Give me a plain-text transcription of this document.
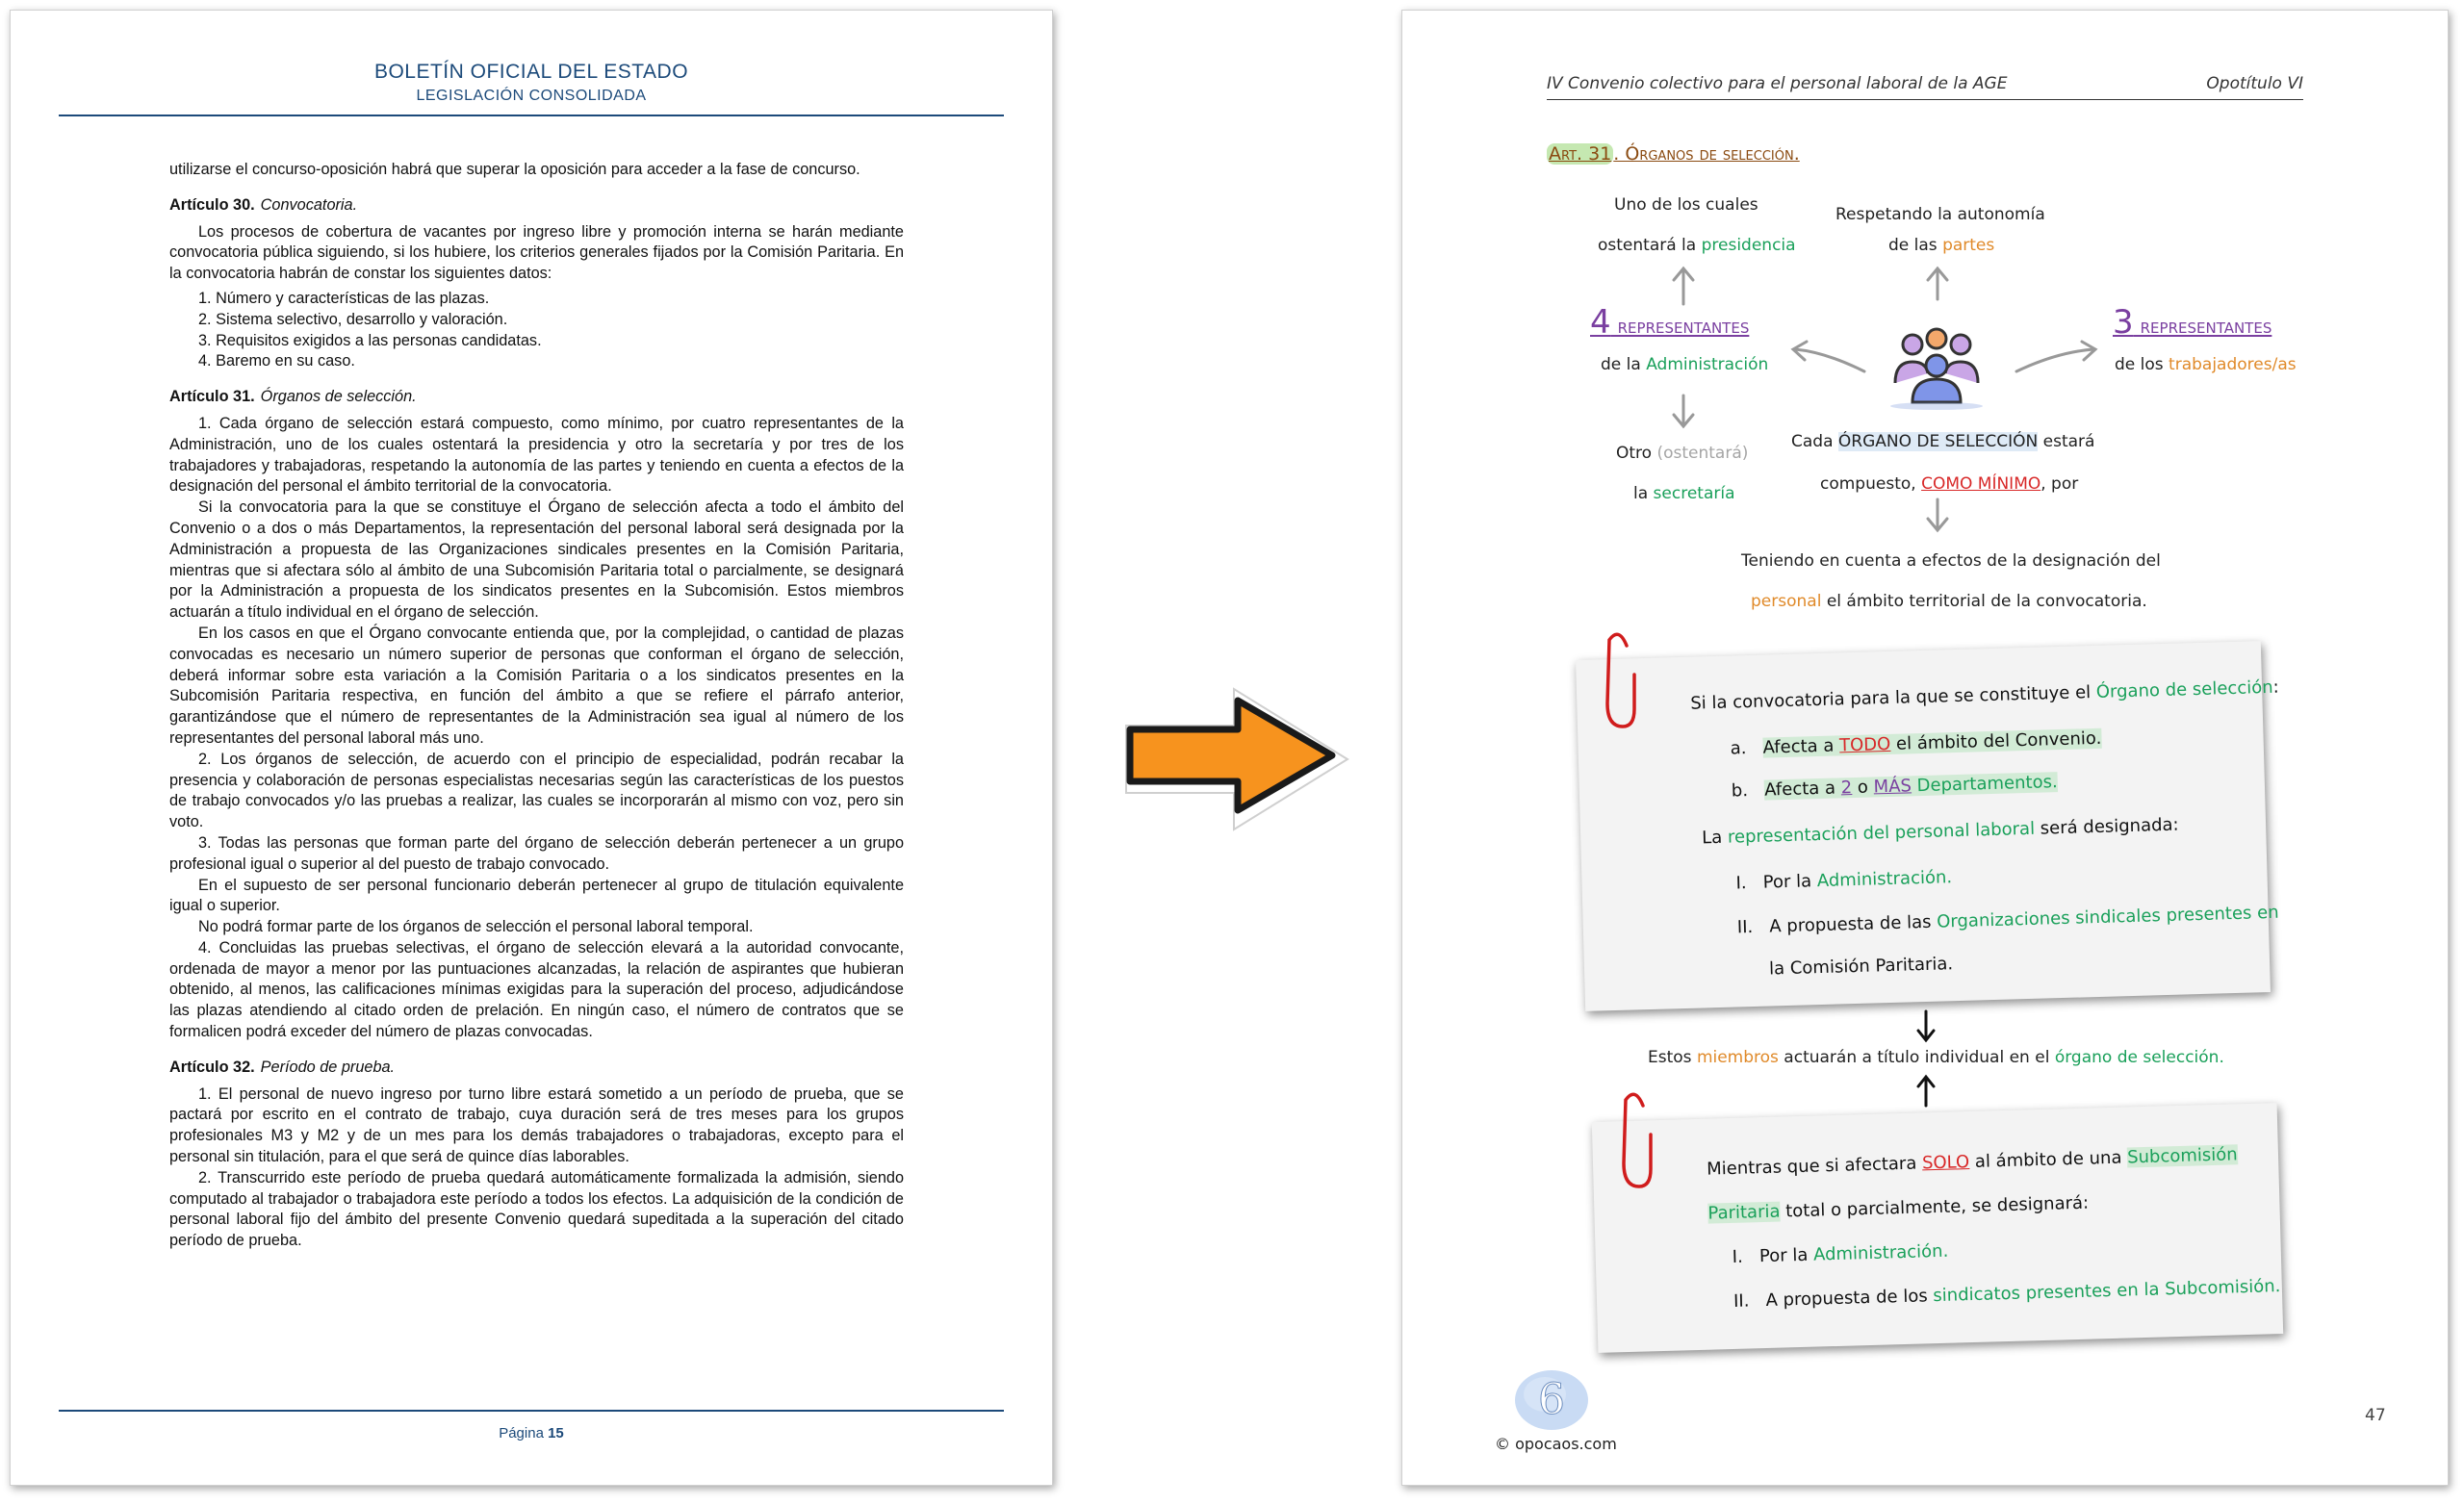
BOLETÍN OFICIAL DEL ESTADO
LEGISLACIÓN CONSOLIDADA

utilizarse el concurso-oposición habrá que superar la oposición para acceder a la fase de concurso.

Artículo 30. Convocatoria.

Los procesos de cobertura de vacantes por ingreso libre y promoción interna se harán mediante convocatoria pública siguiendo, si los hubiere, los criterios generales fijados por la Comisión Paritaria. En la convocatoria habrán de constar los siguientes datos:

1. Número y características de las plazas.
2. Sistema selectivo, desarrollo y valoración.
3. Requisitos exigidos a las personas candidatas.
4. Baremo en su caso.

Artículo 31. Órganos de selección.

1. Cada órgano de selección estará compuesto, como mínimo, por cuatro representantes de la Administración, uno de los cuales ostentará la presidencia y otro la secretaría y por tres de los trabajadores y trabajadoras, respetando la autonomía de las partes y teniendo en cuenta a efectos de la designación del personal el ámbito territorial de la convocatoria.

Si la convocatoria para la que se constituye el Órgano de selección afecta a todo el ámbito del Convenio o a dos o más Departamentos, la representación del personal laboral será designada por la Administración a propuesta de las Organizaciones sindicales presentes en la Comisión Paritaria, mientras que si afectara sólo al ámbito de una Subcomisión Paritaria total o parcialmente, se designará por la Administración a propuesta de los sindicatos presentes en la Subcomisión. Estos miembros actuarán a título individual en el órgano de selección.

En los casos en que el Órgano convocante entienda que, por la complejidad, o cantidad de plazas convocadas es necesario un número superior de personas que conforman el órgano de selección, deberá informar sobre esta variación a la Comisión Paritaria o a los sindicatos presentes en la Subcomisión Paritaria respectiva, en función del ámbito a que se refiere el párrafo anterior, garantizándose que el número de representantes de la Administración sea igual al número de los representantes del personal laboral más uno.

2. Los órganos de selección, de acuerdo con el principio de especialidad, podrán recabar la presencia y colaboración de personas especialistas necesarias según las características de los puestos de trabajo convocados y/o las pruebas a realizar, las cuales se incorporarán al mismo con voz, pero sin voto.

3. Todas las personas que forman parte del órgano de selección deberán pertenecer a un grupo profesional igual o superior al del puesto de trabajo convocado.

En el supuesto de ser personal funcionario deberán pertenecer al grupo de titulación equivalente igual o superior.

No podrá formar parte de los órganos de selección el personal laboral temporal.

4. Concluidas las pruebas selectivas, el órgano de selección elevará a la autoridad convocante, ordenada de mayor a menor por las puntuaciones alcanzadas, la relación de aspirantes que hubieran obtenido, al menos, las calificaciones mínimas exigidas para la superación del proceso, adjudicándose las plazas atendiendo al citado orden de prelación. En ningún caso, el número de contratos que se formalicen podrá exceder del número de plazas convocadas.

Artículo 32. Período de prueba.

1. El personal de nuevo ingreso por turno libre estará sometido a un período de prueba, que se pactará por escrito en el contrato de trabajo, cuya duración será de tres meses para los grupos profesionales M3 y M2 y de un mes para los demás trabajadores o trabajadoras, excepto para el personal sin titulación, para el que será de quince días laborables.

2. Transcurrido este período de prueba quedará automáticamente formalizada la admisión, siendo computado al trabajador o trabajadora este período a todos los efectos. La adquisición de la condición de personal laboral fijo del ámbito del presente Convenio quedará supeditada a la superación del citado período de prueba.

Página 15
IV Convenio colectivo para el personal laboral de la AGE	Opotítulo VI
Art. 31 . Órganos de selección.
Uno de los cuales
ostentará la presidencia
Respetando la autonomía
de las partes
4 representantes
de la Administración
3 representantes
de los trabajadores/as
Otro (ostentará)
la secretaría
Cada ÓRGANO DE SELECCIÓN estará
compuesto, COMO MÍNIMO, por
Teniendo en cuenta a efectos de la designación del
personal el ámbito territorial de la convocatoria.
Si la convocatoria para la que se constituye el Órgano de selección:
a. Afecta a TODO el ámbito del Convenio.
b. Afecta a 2 o MÁS Departamentos.
La representación del personal laboral será designada:
I. Por la Administración.
II. A propuesta de las Organizaciones sindicales presentes en
la Comisión Paritaria.
Estos miembros actuarán a título individual en el órgano de selección.
Mientras que si afectara SOLO al ámbito de una Subcomisión
Paritaria total o parcialmente, se designará:
I. Por la Administración.
II. A propuesta de los sindicatos presentes en la Subcomisión.
6
© opocaos.com
47
